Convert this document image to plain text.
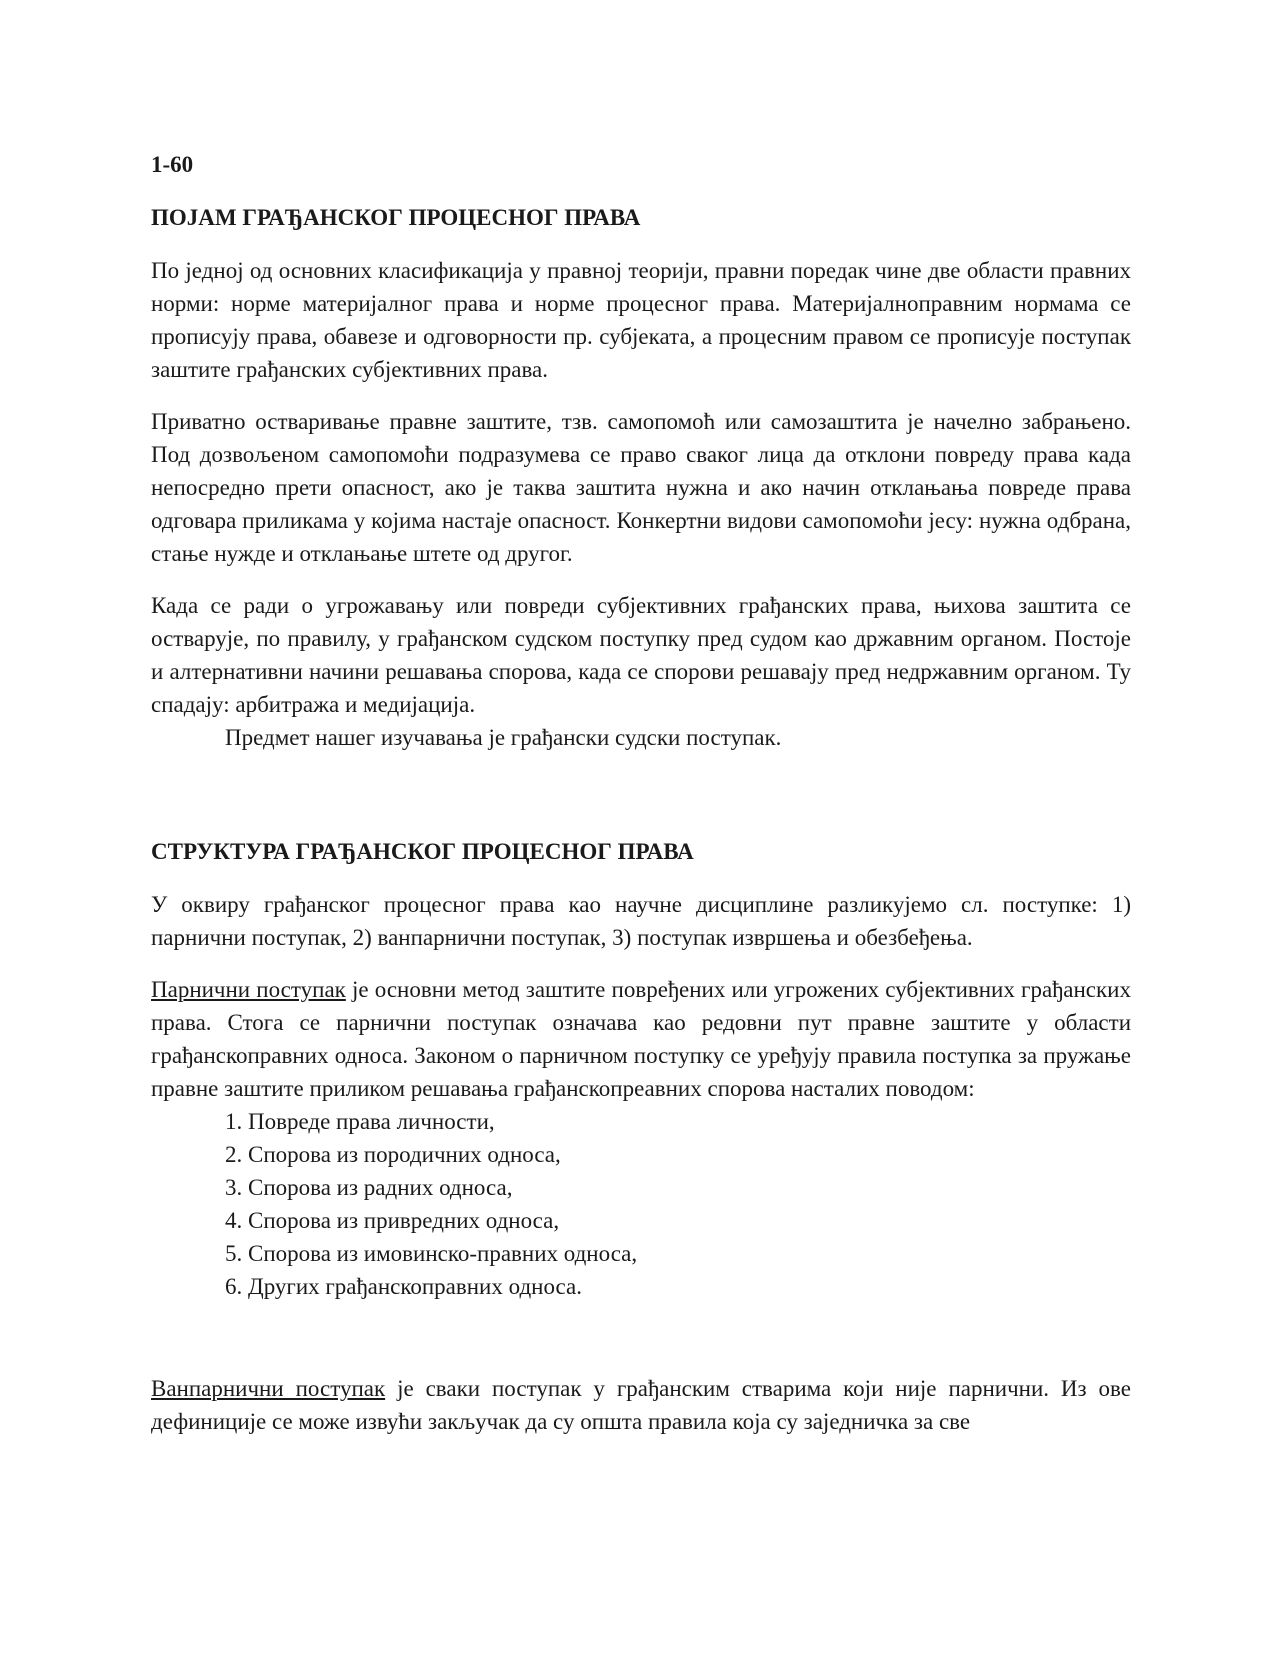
1-60
ПОЈАМ ГРАЂАНСКОГ ПРОЦЕСНОГ ПРАВА

По једној од основних класификација у правној теорији, правни поредак чине две области правних норми: норме материјалног права и норме процесног права. Материјалноправним нормама се прописују права, обавезе и одговорности пр. субјеката, а процесним правом се прописује поступак заштите грађанских субјективних права.

Приватно остваривање правне заштите, тзв. самопомоћ или самозаштита је начелно забрањено. Под дозвољеном самопомоћи подразумева се право сваког лица да отклони повреду права када непосредно прети опасност, ако је таква заштита нужна и ако начин отклањања повреде права одговара приликама у којима настаје опасност. Конкертни видови самопомоћи јесу: нужна одбрана, стање нужде и отклањање штете од другог.

Када се ради о угрожавању или повреди субјективних грађанских права, њихова заштита се остварује, по правилу, у грађанском судском поступку пред судом као државним органом. Постоје и алтернативни начини решавања спорова, када се спорови решавају пред недржавним органом. Ту спадају: арбитража и медијација.

Предмет нашег изучавања је грађански судски поступак.

СТРУКТУРА ГРАЂАНСКОГ ПРОЦЕСНОГ ПРАВА

У оквиру грађанског процесног права као научне дисциплине разликујемо сл. поступке: 1) парнични поступак, 2) ванпарнични поступак, 3) поступак извршења и обезбеђења.

Парнични поступак је основни метод заштите повређених или угрожених субјективних грађанских права. Стога се парнични поступак означава као редовни пут правне заштите у области грађанскоправних односа. Законом о парничном поступку се уређују правила поступка за пружање правне заштите приликом решавања грађанскопреавних спорова насталих поводом:

1. Повреде права личности,
2. Спорова из породичних односа,
3. Спорова из радних односа,
4. Спорова из привредних односа,
5. Спорова из имовинско-правних односа,
6. Других грађанскоправних односа.

Ванпарнични поступак је сваки поступак у грађанским стварима који није парнични. Из ове дефиниције се може извући закључак да су општа правила која су заједничка за све
